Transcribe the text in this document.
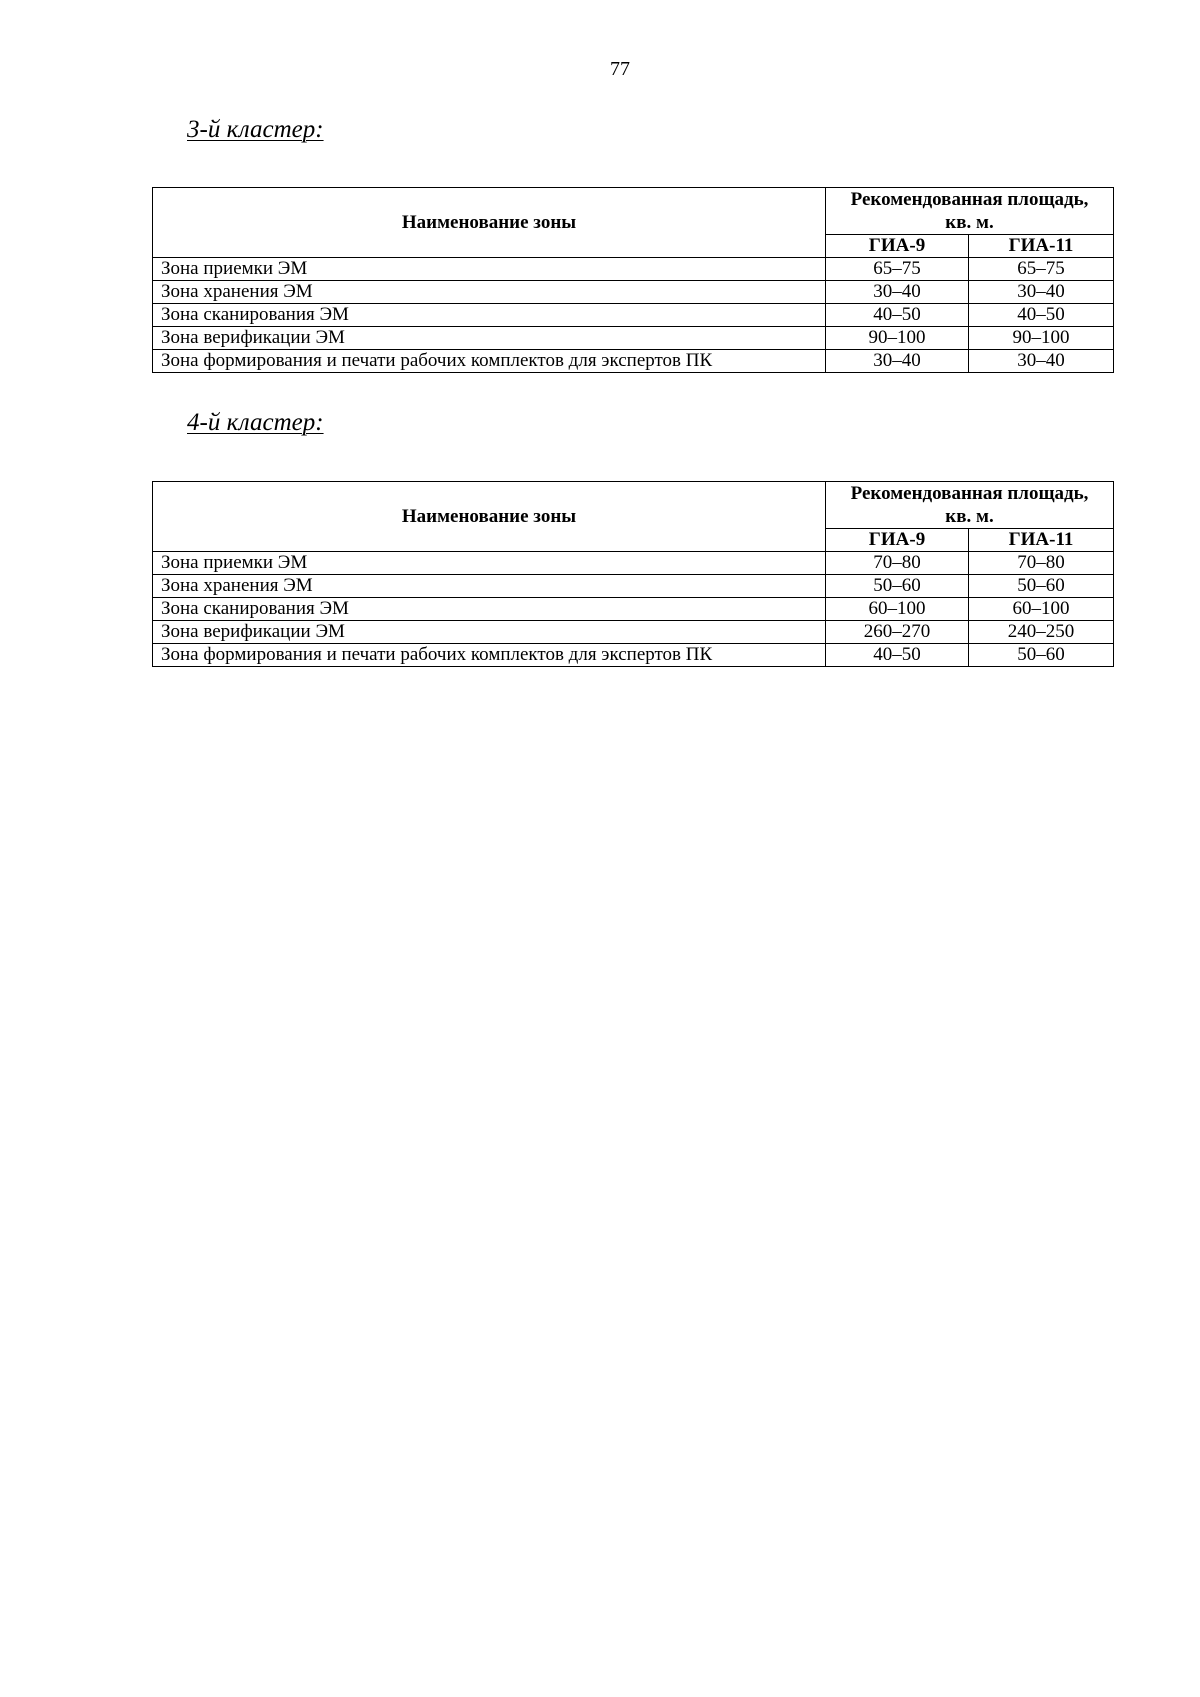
77
3-й кластер:
Наименование зоны	Рекомендованная площадь,
кв. м.	
	ГИА-9	ГИА-11
Зона приемки ЭМ	65–75	65–75
Зона хранения ЭМ	30–40	30–40
Зона сканирования ЭМ	40–50	40–50
Зона верификации ЭМ	90–100	90–100
Зона формирования и печати рабочих комплектов для экспертов ПК	30–40	30–40
4-й кластер:
Наименование зоны	Рекомендованная площадь,
кв. м.	
	ГИА-9	ГИА-11
Зона приемки ЭМ	70–80	70–80
Зона хранения ЭМ	50–60	50–60
Зона сканирования ЭМ	60–100	60–100
Зона верификации ЭМ	260–270	240–250
Зона формирования и печати рабочих комплектов для экспертов ПК	40–50	50–60
